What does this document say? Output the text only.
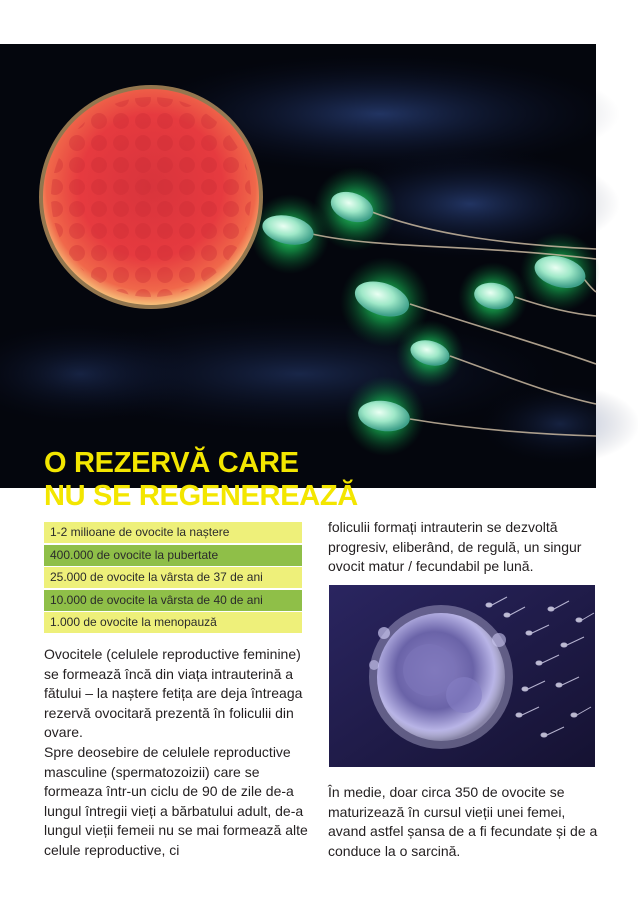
O REZERVĂ CARE
NU SE REGENEREAZĂ
1-2 milioane de ovocite la naștere
400.000 de ovocite la pubertate
25.000 de ovocite la vârsta de 37 de ani
10.000 de ovocite la vârsta de 40 de ani
1.000 de ovocite la menopauză

Ovocitele (celulele reproductive feminine) se formează încă din viața intrauterină a fătului – la naștere fetița are deja întreaga rezervă ovocitară prezentă în foliculii din ovare.

Spre deosebire de celulele reproductive masculine (spermatozoizii) care se formeaza într-un ciclu de 90 de zile de-a lungul întregii vieți a bărbatului adult, de-a lungul vieții femeii nu se mai formează alte celule reproductive, ci

foliculii formați intrauterin se dezvoltă progresiv, eliberând, de regulă, un singur ovocit matur / fecundabil pe lună.

În medie, doar circa 350 de ovocite se maturizează în cursul vieții unei femei, avand astfel șansa de a fi fecundate și de a conduce la o sarcină.
